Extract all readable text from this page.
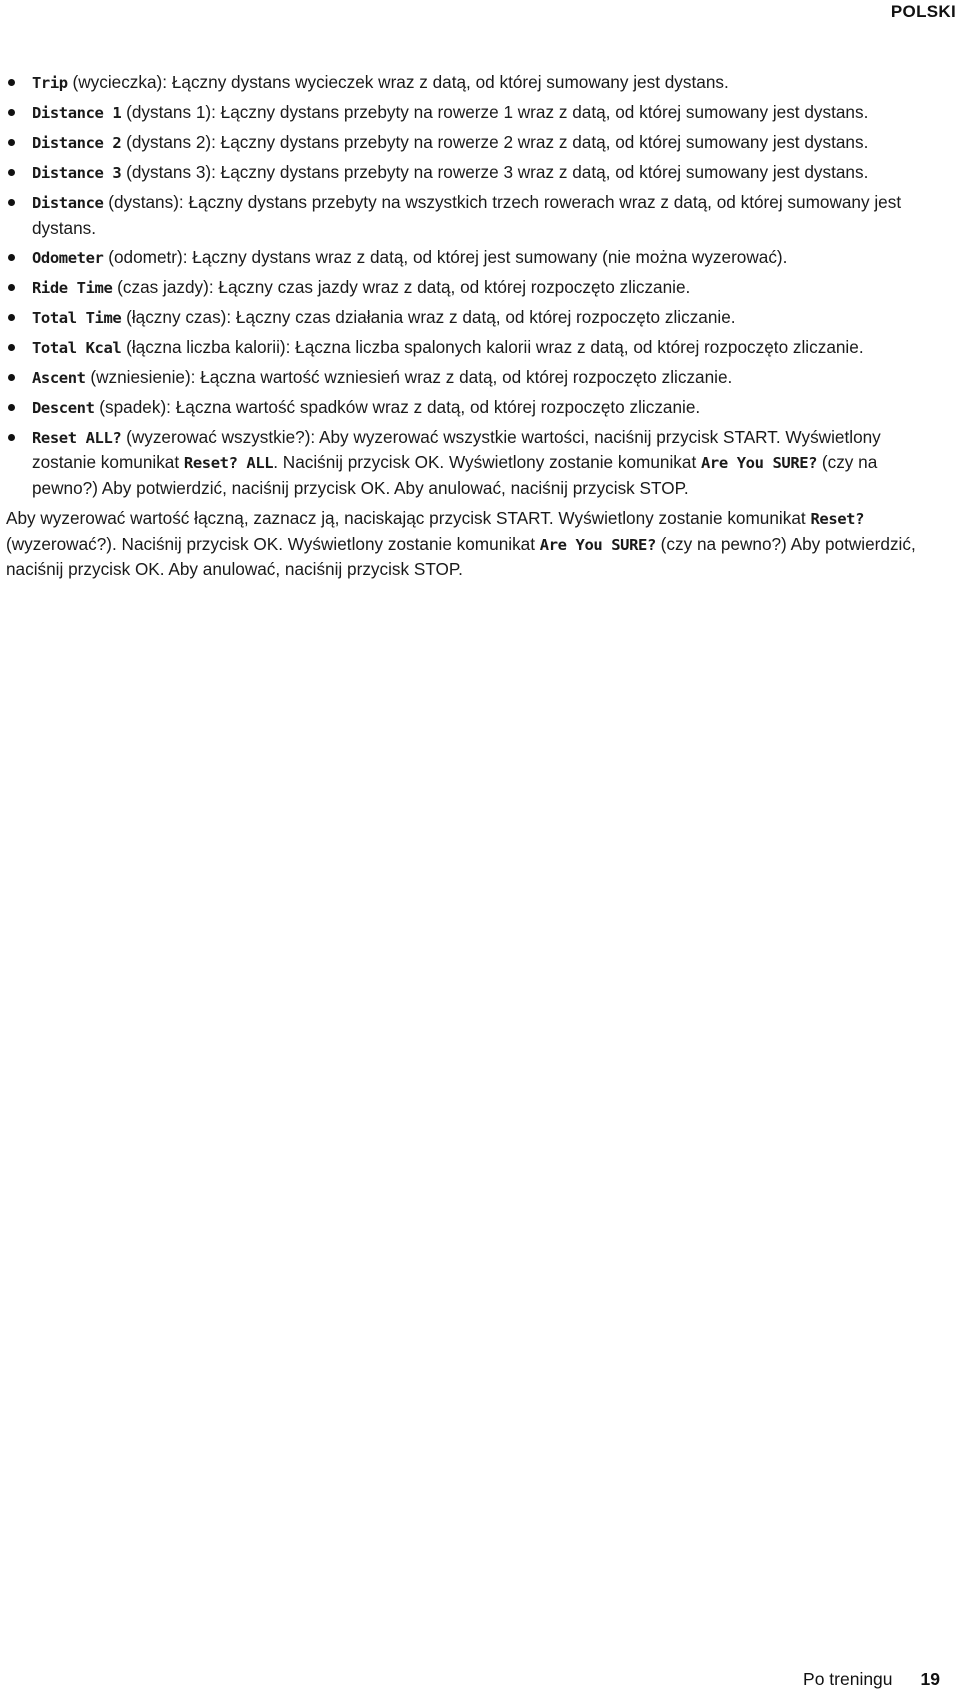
POLSKI
Trip (wycieczka): Łączny dystans wycieczek wraz z datą, od której sumowany jest dystans.
Distance 1 (dystans 1): Łączny dystans przebyty na rowerze 1 wraz z datą, od której sumowany jest dystans.
Distance 2 (dystans 2): Łączny dystans przebyty na rowerze 2 wraz z datą, od której sumowany jest dystans.
Distance 3 (dystans 3): Łączny dystans przebyty na rowerze 3 wraz z datą, od której sumowany jest dystans.
Distance (dystans): Łączny dystans przebyty na wszystkich trzech rowerach wraz z datą, od której sumowany jest dystans.
Odometer (odometr): Łączny dystans wraz z datą, od której jest sumowany (nie można wyzerować).
Ride Time (czas jazdy): Łączny czas jazdy wraz z datą, od której rozpoczęto zliczanie.
Total Time (łączny czas): Łączny czas działania wraz z datą, od której rozpoczęto zliczanie.
Total Kcal (łączna liczba kalorii): Łączna liczba spalonych kalorii wraz z datą, od której rozpoczęto zliczanie.
Ascent (wzniesienie): Łączna wartość wzniesień wraz z datą, od której rozpoczęto zliczanie.
Descent (spadek): Łączna wartość spadków wraz z datą, od której rozpoczęto zliczanie.
Reset ALL? (wyzerować wszystkie?): Aby wyzerować wszystkie wartości, naciśnij przycisk START. Wyświetlony zostanie komunikat Reset? ALL. Naciśnij przycisk OK. Wyświetlony zostanie komunikat Are You SURE? (czy na pewno?) Aby potwierdzić, naciśnij przycisk OK. Aby anulować, naciśnij przycisk STOP.

Aby wyzerować wartość łączną, zaznacz ją, naciskając przycisk START. Wyświetlony zostanie komunikat Reset? (wyzerować?). Naciśnij przycisk OK. Wyświetlony zostanie komunikat Are You SURE? (czy na pewno?) Aby potwierdzić, naciśnij przycisk OK. Aby anulować, naciśnij przycisk STOP.

Po treningu 19
